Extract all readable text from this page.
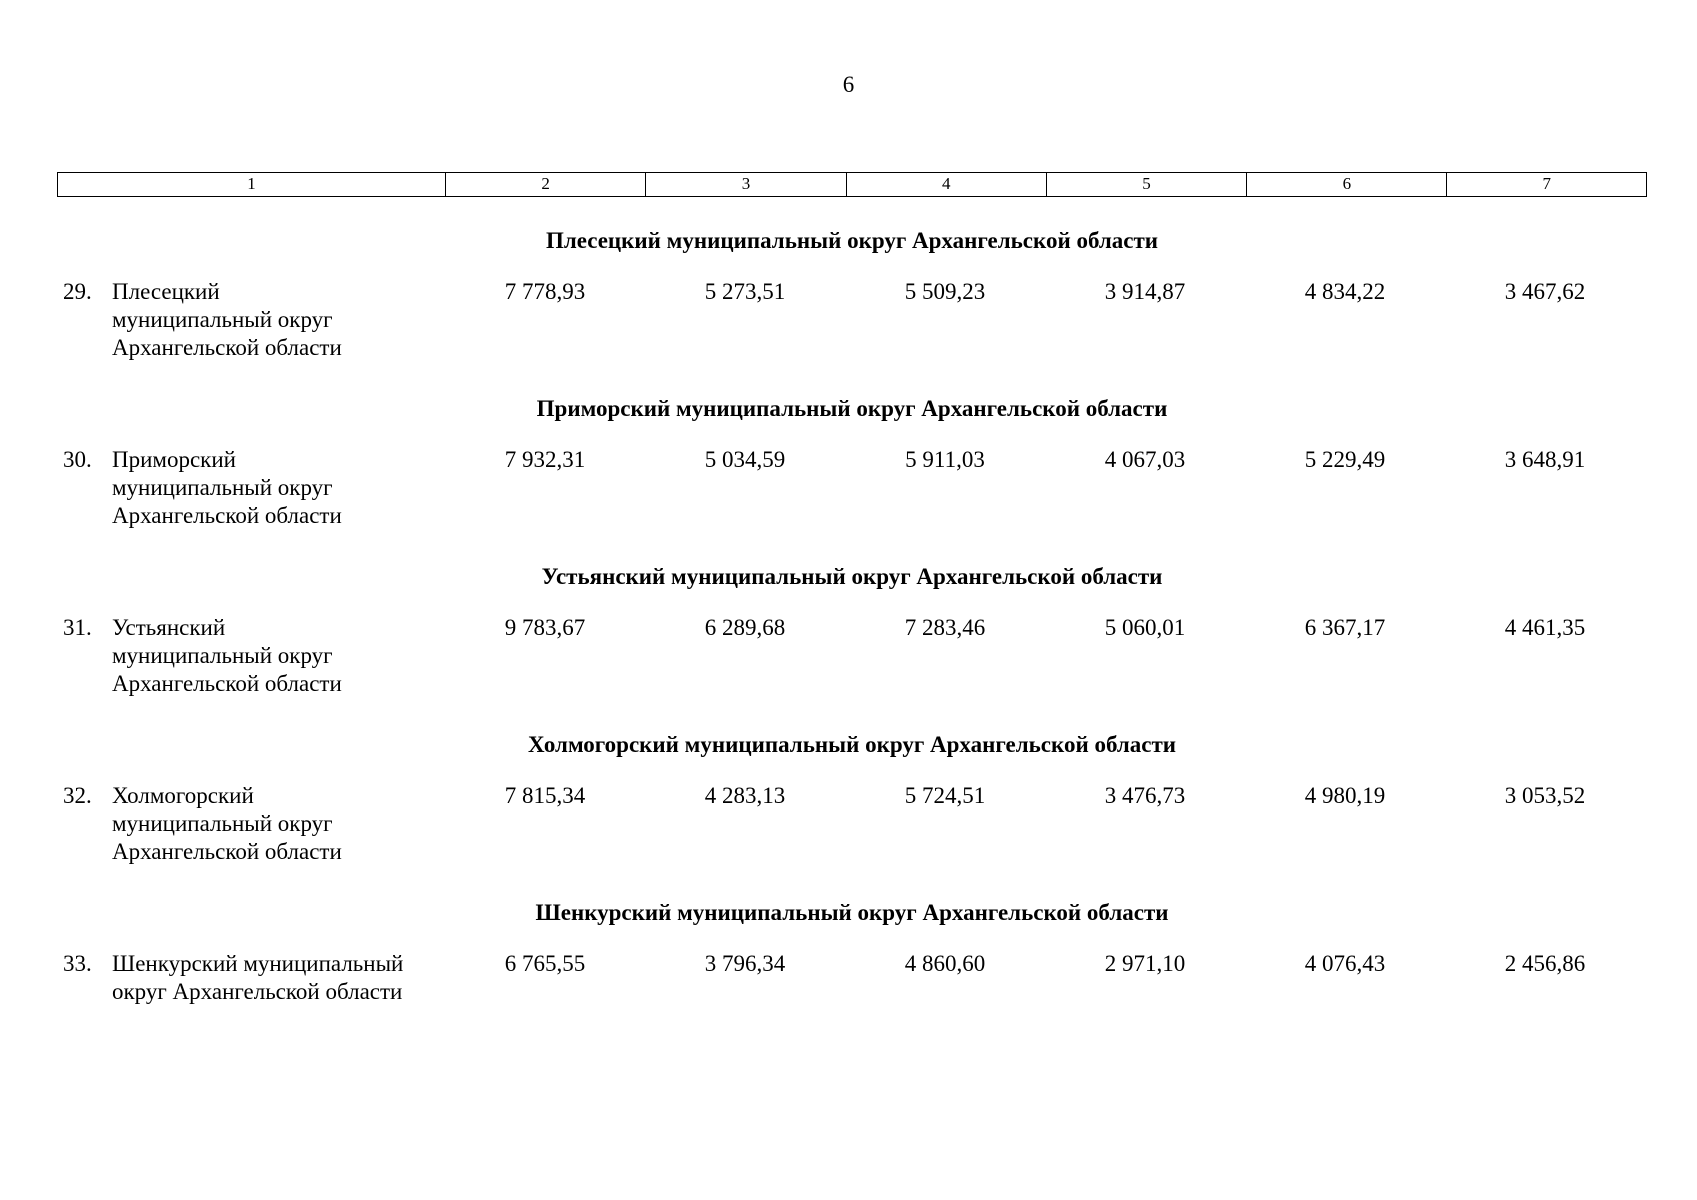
6
1	2	3	4	5	6	7
Плесецкий муниципальный округ Архангельской области
29. Плесецкий
муниципальный округ
Архангельской области
7 778,93	5 273,51	5 509,23	3 914,87	4 834,22	3 467,62
Приморский муниципальный округ Архангельской области
30. Приморский
муниципальный округ
Архангельской области
7 932,31	5 034,59	5 911,03	4 067,03	5 229,49	3 648,91
Устьянский муниципальный округ Архангельской области
31. Устьянский
муниципальный округ
Архангельской области
9 783,67	6 289,68	7 283,46	5 060,01	6 367,17	4 461,35
Холмогорский муниципальный округ Архангельской области
32. Холмогорский
муниципальный округ
Архангельской области
7 815,34	4 283,13	5 724,51	3 476,73	4 980,19	3 053,52
Шенкурский муниципальный округ Архангельской области
33. Шенкурский муниципальный
округ Архангельской области
6 765,55	3 796,34	4 860,60	2 971,10	4 076,43	2 456,86
